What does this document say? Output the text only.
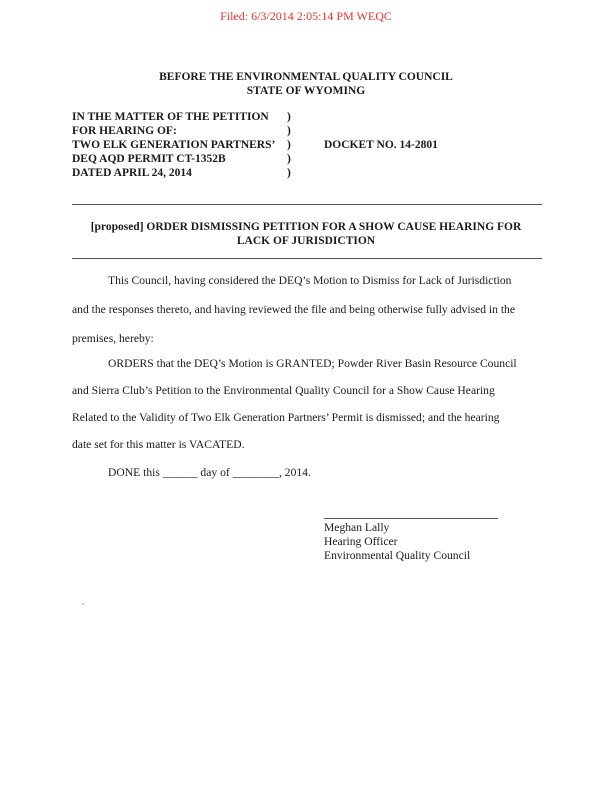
Filed: 6/3/2014 2:05:14 PM WEQC
BEFORE THE ENVIRONMENTAL QUALITY COUNCIL
STATE OF WYOMING
IN THE MATTER OF THE PETITION
FOR HEARING OF:
TWO ELK GENERATION PARTNERS’
DEQ AQD PERMIT CT-1352B
DATED APRIL 24, 2014
)
)
)
)
)
DOCKET NO. 14-2801
[proposed] ORDER DISMISSING PETITION FOR A SHOW CAUSE HEARING FOR
LACK OF JURISDICTION
This Council, having considered the DEQ’s Motion to Dismiss for Lack of Jurisdiction
and the responses thereto, and having reviewed the file and being otherwise fully advised in the
premises, hereby:
ORDERS that the DEQ’s Motion is GRANTED; Powder River Basin Resource Council
and Sierra Club’s Petition to the Environmental Quality Council for a Show Cause Hearing
Related to the Validity of Two Elk Generation Partners’ Permit is dismissed; and the hearing
date set for this matter is VACATED.
DONE this ______ day of ________, 2014.
Meghan Lally
Hearing Officer
Environmental Quality Council
